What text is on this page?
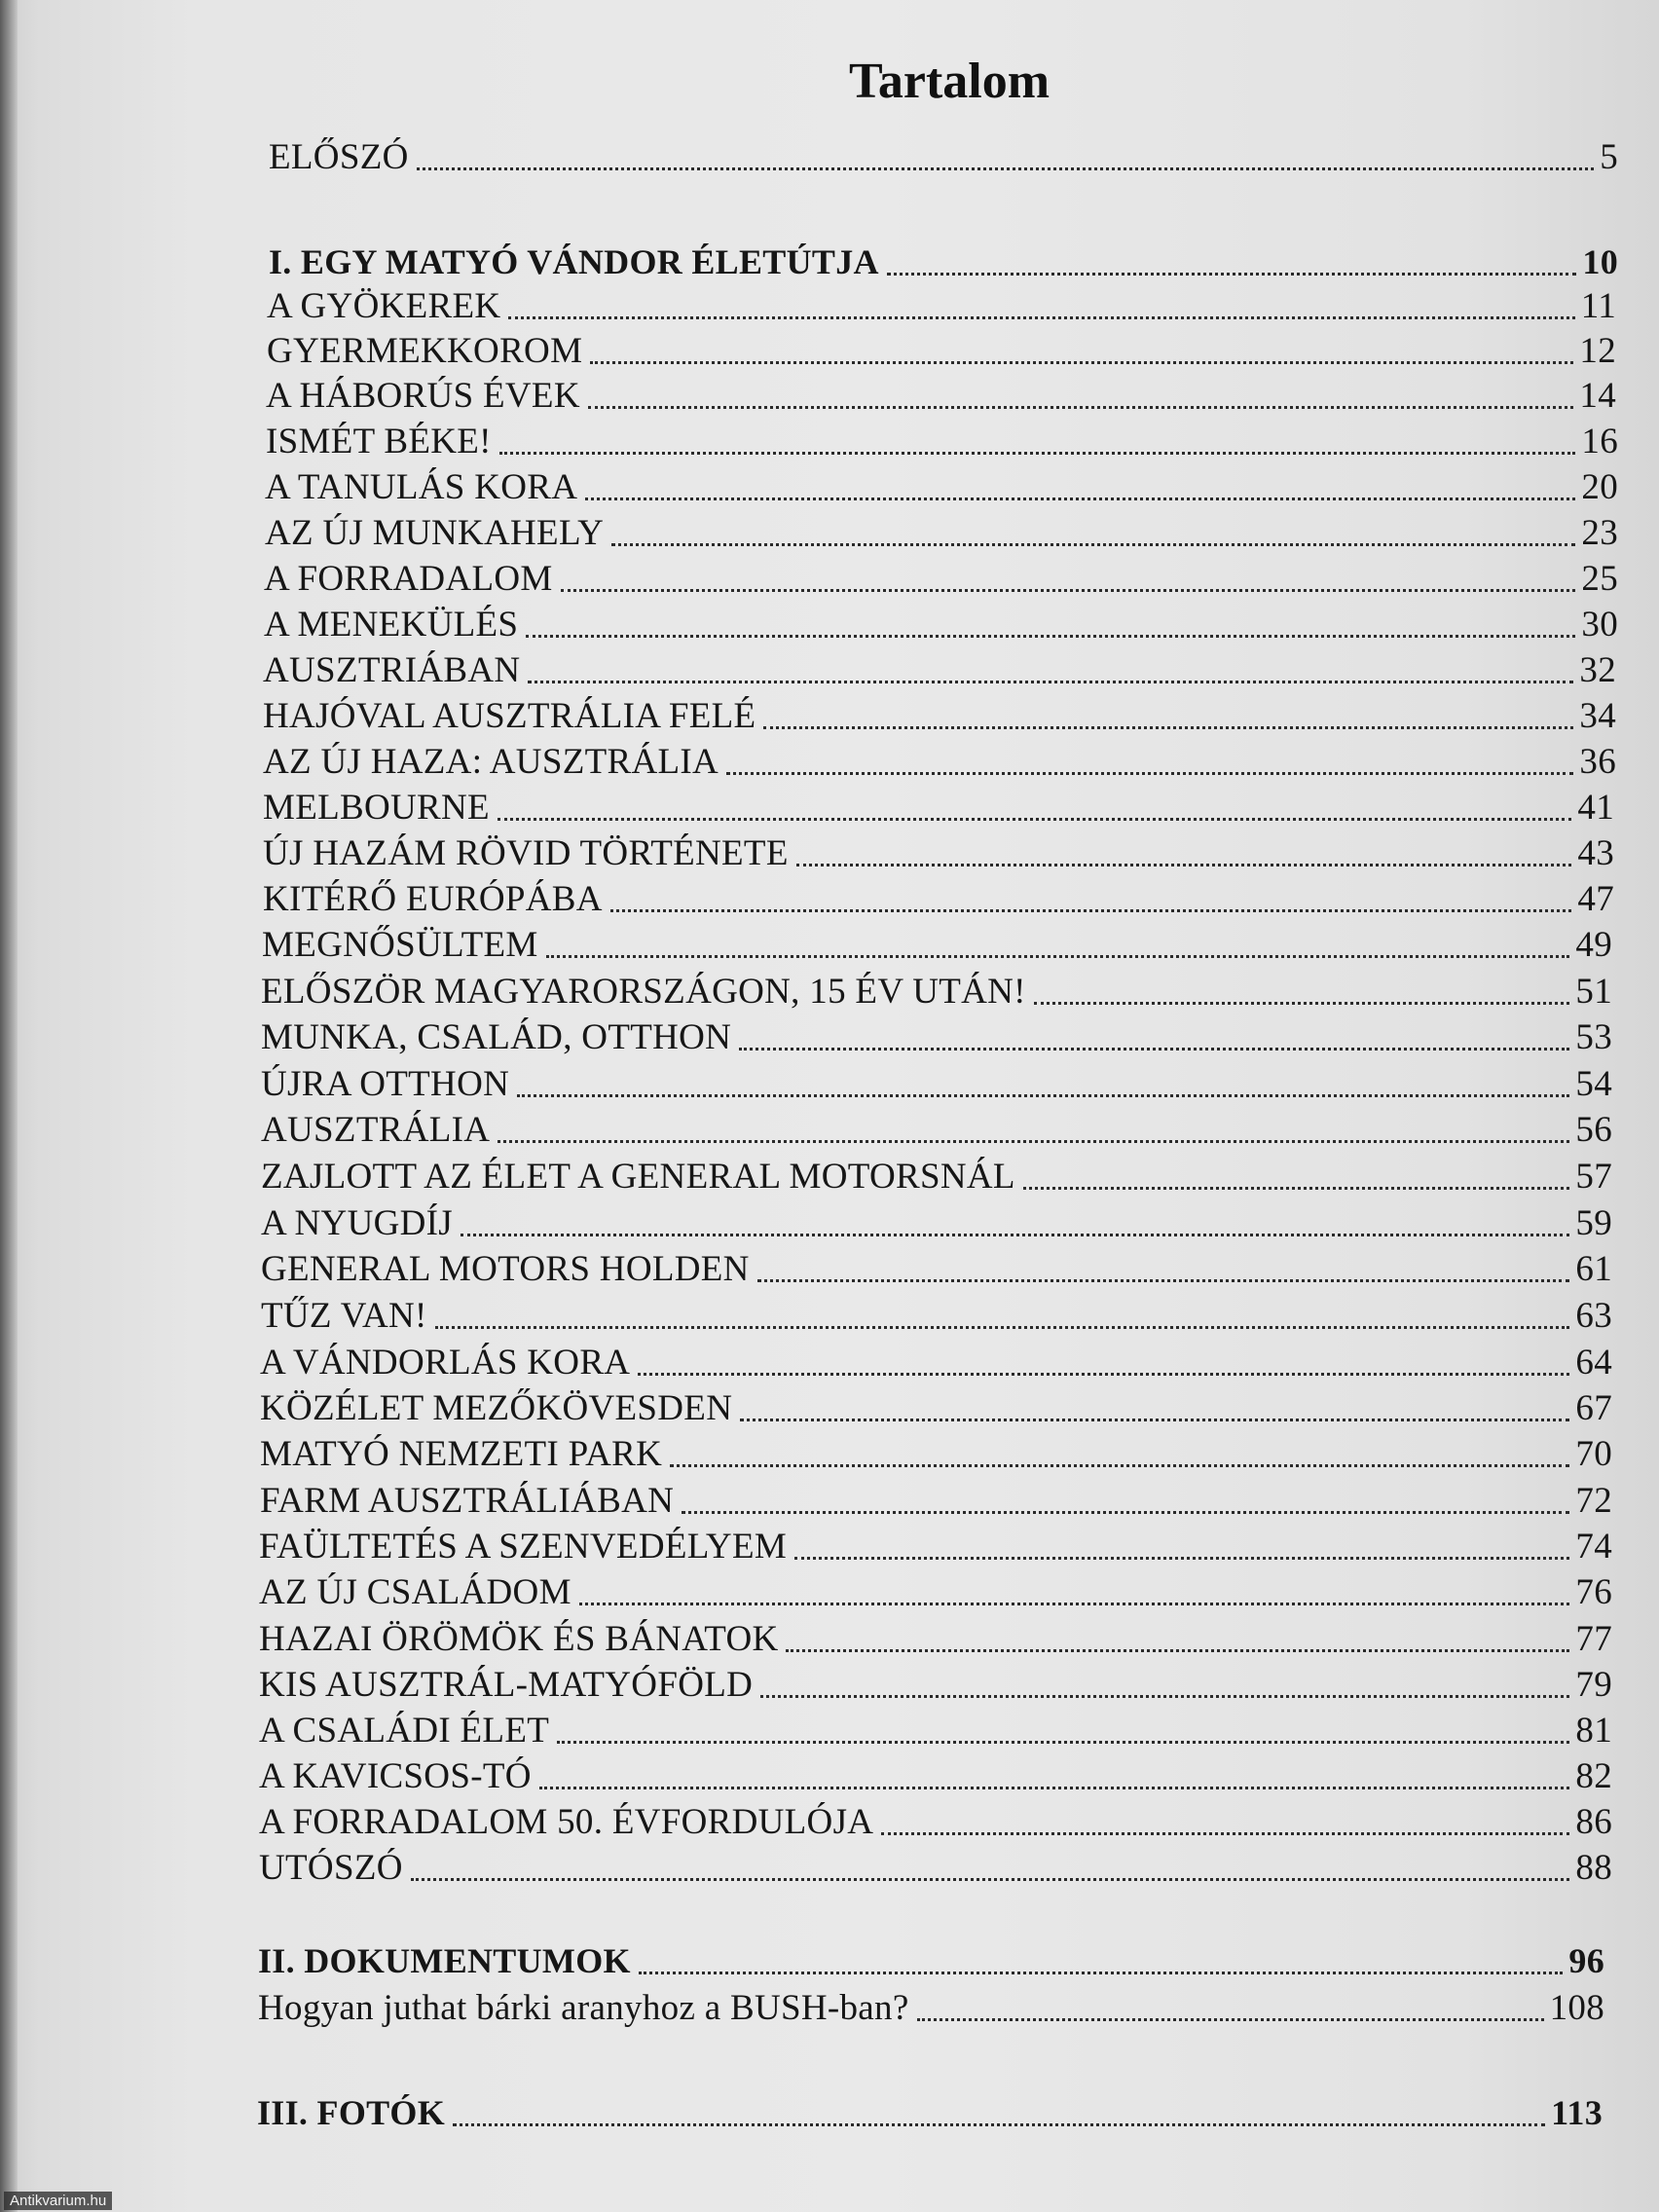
Tartalom
ELŐSZÓ	5
I. EGY MATYÓ VÁNDOR ÉLETÚTJA	10
A GYÖKEREK	11
GYERMEKKOROM	12
A HÁBORÚS ÉVEK	14
ISMÉT BÉKE!	16
A TANULÁS KORA	20
AZ ÚJ MUNKAHELY	23
A FORRADALOM	25
A MENEKÜLÉS	30
AUSZTRIÁBAN	32
HAJÓVAL AUSZTRÁLIA FELÉ	34
AZ ÚJ HAZA: AUSZTRÁLIA	36
MELBOURNE	41
ÚJ HAZÁM RÖVID TÖRTÉNETE	43
KITÉRŐ EURÓPÁBA	47
MEGNŐSÜLTEM	49
ELŐSZÖR MAGYARORSZÁGON, 15 ÉV UTÁN!	51
MUNKA, CSALÁD, OTTHON	53
ÚJRA OTTHON	54
AUSZTRÁLIA	56
ZAJLOTT AZ ÉLET A GENERAL MOTORSNÁL	57
A NYUGDÍJ	59
GENERAL MOTORS HOLDEN	61
TŰZ VAN!	63
A VÁNDORLÁS KORA	64
KÖZÉLET MEZŐKÖVESDEN	67
MATYÓ NEMZETI PARK	70
FARM AUSZTRÁLIÁBAN	72
FAÜLTETÉS A SZENVEDÉLYEM	74
AZ ÚJ CSALÁDOM	76
HAZAI ÖRÖMÖK ÉS BÁNATOK	77
KIS AUSZTRÁL-MATYÓFÖLD	79
A CSALÁDI ÉLET	81
A KAVICSOS-TÓ	82
A FORRADALOM 50. ÉVFORDULÓJA	86
UTÓSZÓ	88
II. DOKUMENTUMOK	96
Hogyan juthat bárki aranyhoz a BUSH-ban?	108
III. FOTÓK	113
Antikvarium.hu
